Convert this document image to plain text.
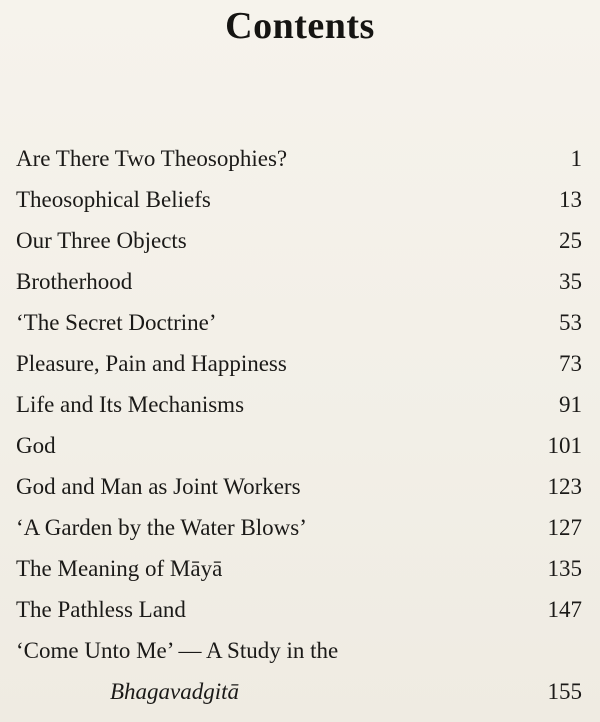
Contents
Are There Two Theosophies?	1
Theosophical Beliefs	13
Our Three Objects	25
Brotherhood	35
‘The Secret Doctrine’	53
Pleasure, Pain and Happiness	73
Life and Its Mechanisms	91
God	101
God and Man as Joint Workers	123
‘A Garden by the Water Blows’	127
The Meaning of Māyā	135
The Pathless Land	147
‘Come Unto Me’ — A Study in the
Bhagavadgitā	155
